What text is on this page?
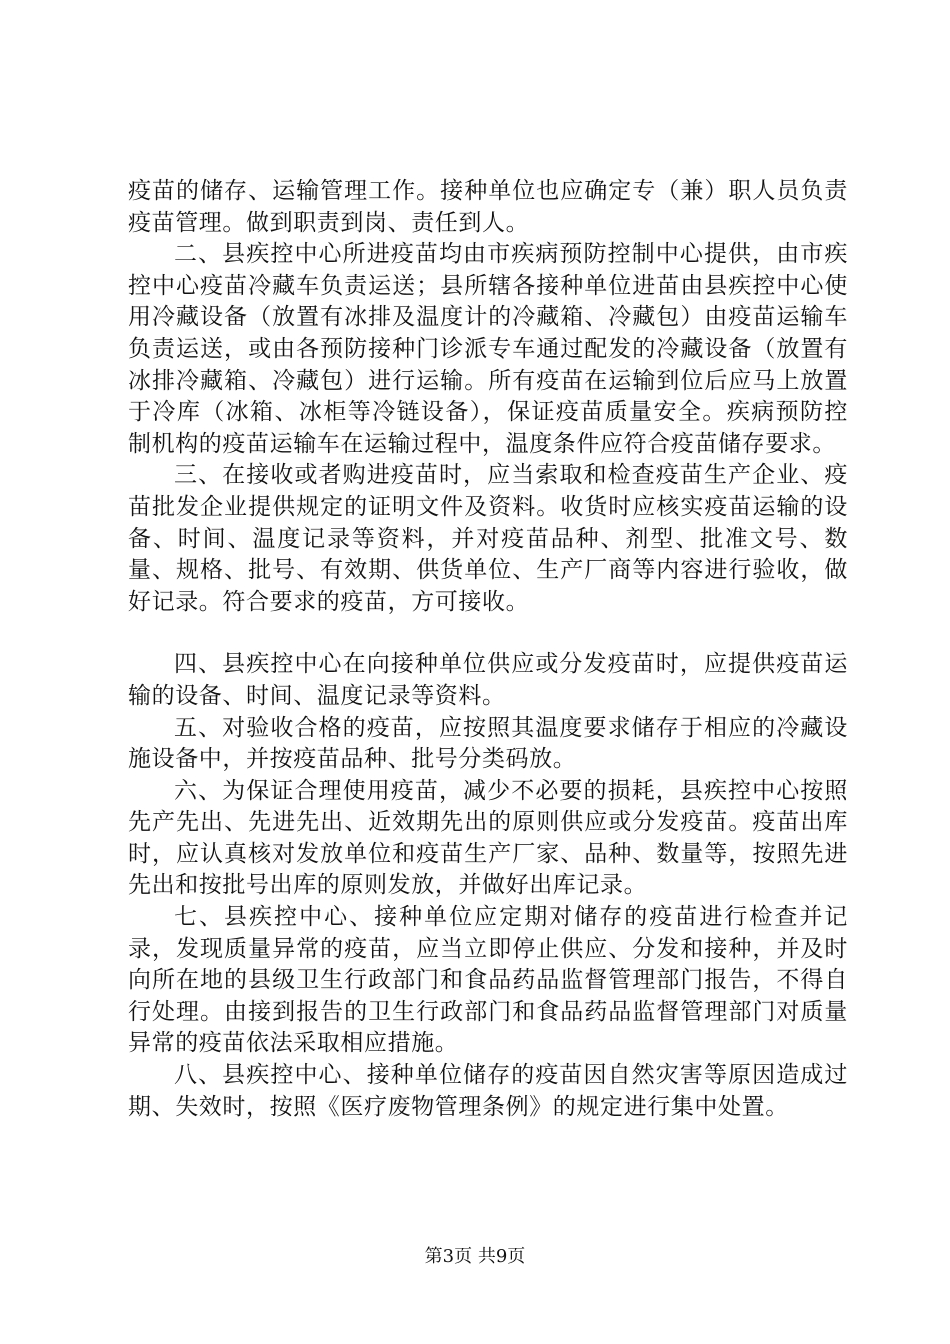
疫苗的储存、运输管理工作。接种单位也应确定专（兼）职人员负责疫苗管理。做到职责到岗、责任到人。

二、县疾控中心所进疫苗均由市疾病预防控制中心提供，由市疾控中心疫苗冷藏车负责运送；县所辖各接种单位进苗由县疾控中心使用冷藏设备（放置有冰排及温度计的冷藏箱、冷藏包）由疫苗运输车负责运送，或由各预防接种门诊派专车通过配发的冷藏设备（放置有冰排冷藏箱、冷藏包）进行运输。所有疫苗在运输到位后应马上放置于冷库（冰箱、冰柜等冷链设备），保证疫苗质量安全。疾病预防控制机构的疫苗运输车在运输过程中，温度条件应符合疫苗储存要求。

三、在接收或者购进疫苗时，应当索取和检查疫苗生产企业、疫苗批发企业提供规定的证明文件及资料。收货时应核实疫苗运输的设备、时间、温度记录等资料，并对疫苗品种、剂型、批准文号、数量、规格、批号、有效期、供货单位、生产厂商等内容进行验收，做好记录。符合要求的疫苗，方可接收。

四、县疾控中心在向接种单位供应或分发疫苗时，应提供疫苗运输的设备、时间、温度记录等资料。

五、对验收合格的疫苗，应按照其温度要求储存于相应的冷藏设施设备中，并按疫苗品种、批号分类码放。

六、为保证合理使用疫苗，减少不必要的损耗，县疾控中心按照先产先出、先进先出、近效期先出的原则供应或分发疫苗。疫苗出库时，应认真核对发放单位和疫苗生产厂家、品种、数量等，按照先进先出和按批号出库的原则发放，并做好出库记录。

七、县疾控中心、接种单位应定期对储存的疫苗进行检查并记录，发现质量异常的疫苗，应当立即停止供应、分发和接种，并及时向所在地的县级卫生行政部门和食品药品监督管理部门报告，不得自行处理。由接到报告的卫生行政部门和食品药品监督管理部门对质量异常的疫苗依法采取相应措施。

八、县疾控中心、接种单位储存的疫苗因自然灾害等原因造成过期、失效时，按照《医疗废物管理条例》的规定进行集中处置。

第3页 共9页
